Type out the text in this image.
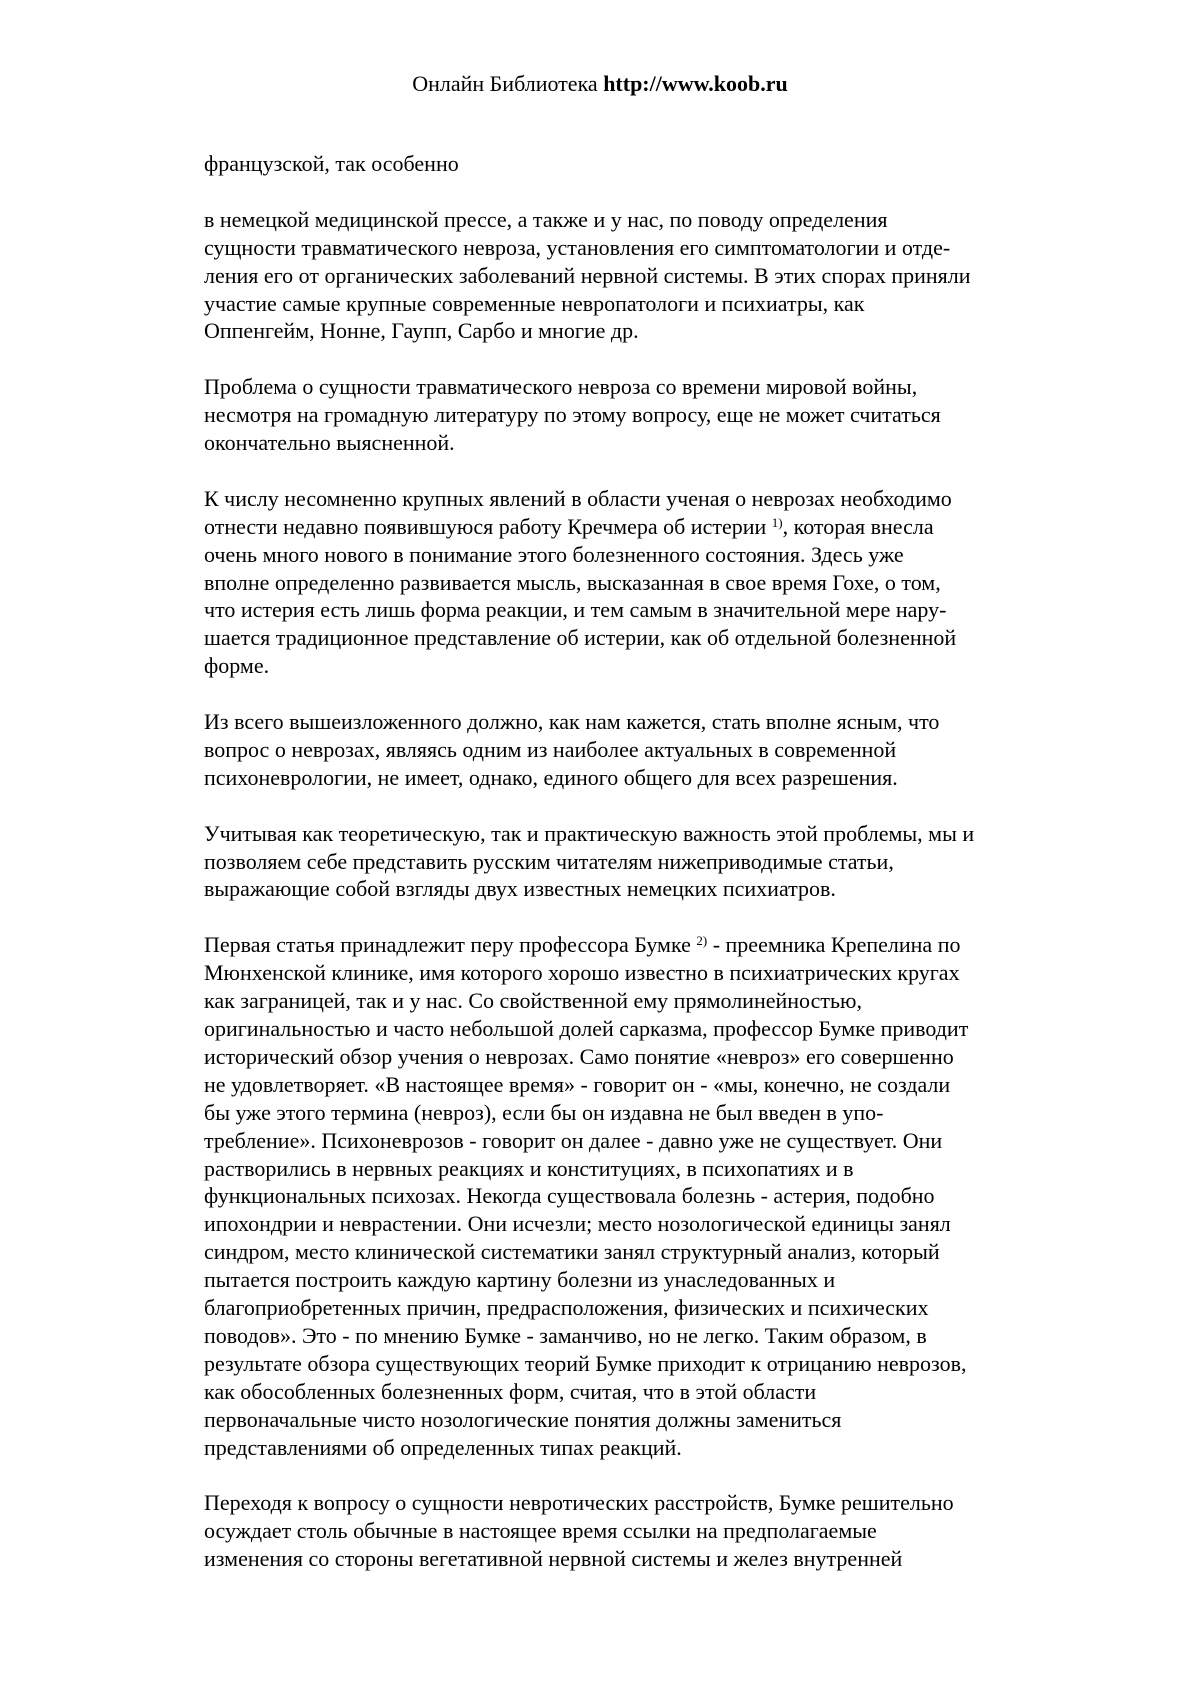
Онлайн Библиотека http://www.koob.ru

французской, так особенно

в немецкой медицинской прессе, а также и у нас, по поводу определения
сущности травматического невроза, установления его симптоматологии и отде-
ления его от органических заболеваний нервной системы. В этих спорах приняли
участие самые крупные современные невропатологи и психиатры, как
Оппенгейм, Нонне, Гаупп, Сарбо и многие др.

Проблема о сущности травматического невроза со времени мировой войны,
несмотря на громадную литературу по этому вопросу, еще не может считаться
окончательно выясненной.

К числу несомненно крупных явлений в области ученая о неврозах необходимо
отнести недавно появившуюся работу Кречмера об истерии $^{1)}$, которая внесла
очень много нового в понимание этого болезненного состояния. Здесь уже
вполне определенно развивается мысль, высказанная в свое время Гохе, о том,
что истерия есть лишь форма реакции, и тем самым в значительной мере нару-
шается традиционное представление об истерии, как об отдельной болезненной
форме.

Из всего вышеизложенного должно, как нам кажется, стать вполне ясным, что
вопрос о неврозах, являясь одним из наиболее актуальных в современной
психоневрологии, не имеет, однако, единого общего для всех разрешения.

Учитывая как теоретическую, так и практическую важность этой проблемы, мы и
позволяем себе представить русским читателям нижеприводимые статьи,
выражающие собой взгляды двух известных немецких психиатров.

Первая статья принадлежит перу профессора Бумке $^{2)}$ - преемника Крепелина по
Мюнхенской клинике, имя которого хорошо известно в психиатрических кругах
как заграницей, так и у нас. Со свойственной ему прямолинейностью,
оригинальностью и часто небольшой долей сарказма, профессор Бумке приводит
исторический обзор учения о неврозах. Само понятие «невроз» его совершенно
не удовлетворяет. «В настоящее время» - говорит он - «мы, конечно, не создали
бы уже этого термина (невроз), если бы он издавна не был введен в упо-
требление». Психоневрозов - говорит он далее - давно уже не существует. Они
растворились в нервных реакциях и конституциях, в психопатиях и в
функциональных психозах. Некогда существовала болезнь - астерия, подобно
ипохондрии и неврастении. Они исчезли; место нозологической единицы занял
синдром, место клинической систематики занял структурный анализ, который
пытается построить каждую картину болезни из унаследованных и
благоприобретенных причин, предрасположения, физических и психических
поводов». Это - по мнению Бумке - заманчиво, но не легко. Таким образом, в
результате обзора существующих теорий Бумке приходит к отрицанию неврозов,
как обособленных болезненных форм, считая, что в этой области
первоначальные чисто нозологические понятия должны замениться
представлениями об определенных типах реакций.

Переходя к вопросу о сущности невротических расстройств, Бумке решительно
осуждает столь обычные в настоящее время ссылки на предполагаемые
изменения со стороны вегетативной нервной системы и желез внутренней
